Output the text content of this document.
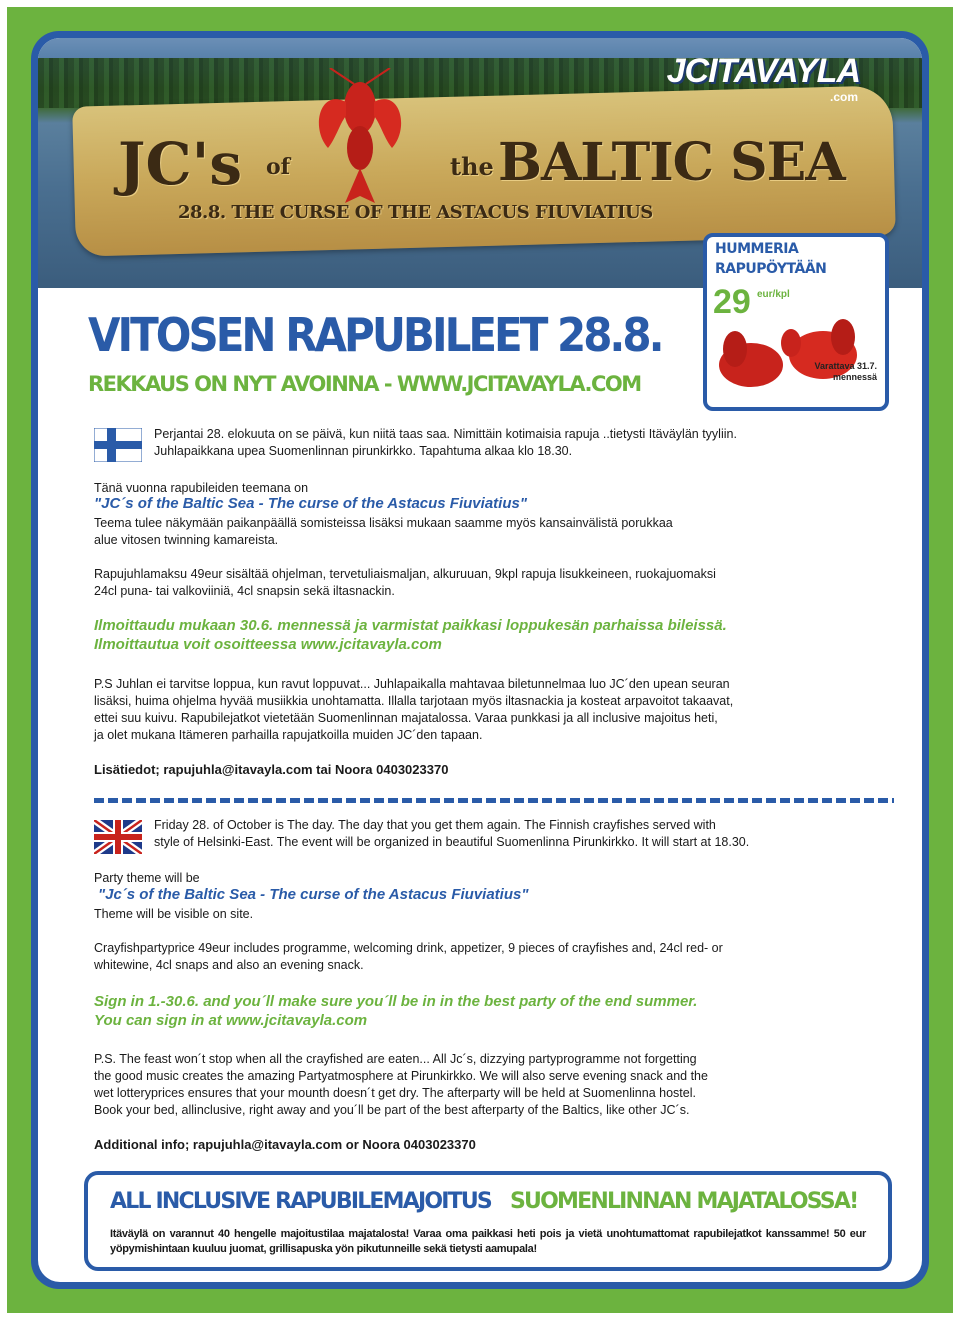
JCITAVAYLA
.com
JC's of	the BALTIC SEA
28.8. THE CURSE OF THE ASTACUS FIUVIATIUS
HUMMERIA
RAPUPÖYTÄÄN
29 eur/kpl
Varattava 31.7.
mennessä
VITOSEN RAPUBILEET 28.8.
REKKAUS ON NYT AVOINNA - WWW.JCITAVAYLA.COM
Perjantai 28. elokuuta on se päivä, kun niitä taas saa. Nimittäin kotimaisia rapuja ..tietysti Itäväylän tyyliin.
Juhlapaikkana upea Suomenlinnan pirunkirkko. Tapahtuma alkaa klo 18.30.
Tänä vuonna rapubileiden teemana on
"JC´s of the Baltic Sea - The curse of the Astacus Fiuviatius"
Teema tulee näkymään paikanpäällä somisteissa lisäksi mukaan saamme myös kansainvälistä porukkaa
alue vitosen twinning kamareista.
Rapujuhlamaksu 49eur sisältää ohjelman, tervetuliaismaljan, alkuruuan, 9kpl rapuja lisukkeineen, ruokajuomaksi
24cl puna- tai valkoviiniä, 4cl snapsin sekä iltasnackin.
Ilmoittaudu mukaan 30.6. mennessä ja varmistat paikkasi loppukesän parhaissa bileissä.
Ilmoittautua voit osoitteessa www.jcitavayla.com
P.S Juhlan ei tarvitse loppua, kun ravut loppuvat... Juhlapaikalla mahtavaa biletunnelmaa luo JC´den upean seuran
lisäksi, huima ohjelma hyvää musiikkia unohtamatta. Illalla tarjotaan myös iltasnackia ja kosteat arpavoitot takaavat,
ettei suu kuivu. Rapubilejatkot vietetään Suomenlinnan majatalossa. Varaa punkkasi ja all inclusive majoitus heti,
ja olet mukana Itämeren parhailla rapujatkoilla muiden JC´den tapaan.
Lisätiedot; rapujuhla@itavayla.com tai Noora 0403023370
Friday 28. of October is The day. The day that you get them again. The Finnish crayfishes served with
style of Helsinki-East. The event will be organized in beautiful Suomenlinna Pirunkirkko. It will start at 18.30.
Party theme will be
"Jc´s of the Baltic Sea - The curse of the Astacus Fiuviatius"
Theme will be visible on site.
Crayfishpartyprice 49eur includes programme, welcoming drink, appetizer, 9 pieces of crayfishes and, 24cl red- or
whitewine, 4cl snaps and also an evening snack.
Sign in 1.-30.6. and you´ll make sure you´ll be in in the best party of the end summer.
You can sign in at www.jcitavayla.com
P.S. The feast won´t stop when all the crayfished are eaten... All Jc´s, dizzying partyprogramme not forgetting
the good music creates the amazing Partyatmosphere at Pirunkirkko. We will also serve evening snack and the
wet lotteryprices ensures that your mounth doesn´t get dry. The afterparty will be held at Suomenlinna hostel.
Book your bed, allinclusive, right away and you´ll be part of the best afterparty of the Baltics, like other JC´s.
Additional info; rapujuhla@itavayla.com or Noora 0403023370
ALL INCLUSIVE RAPUBILEMAJOITUS SUOMENLINNAN MAJATALOSSA!
Itäväylä on varannut 40 hengelle majoitustilaa majatalosta! Varaa oma paikkasi heti pois ja vietä unohtumattomat rapubilejatkot kanssamme! 50 eur yöpymishintaan kuuluu juomat, grillisapuska yön pikutunneille sekä tietysti aamupala!
